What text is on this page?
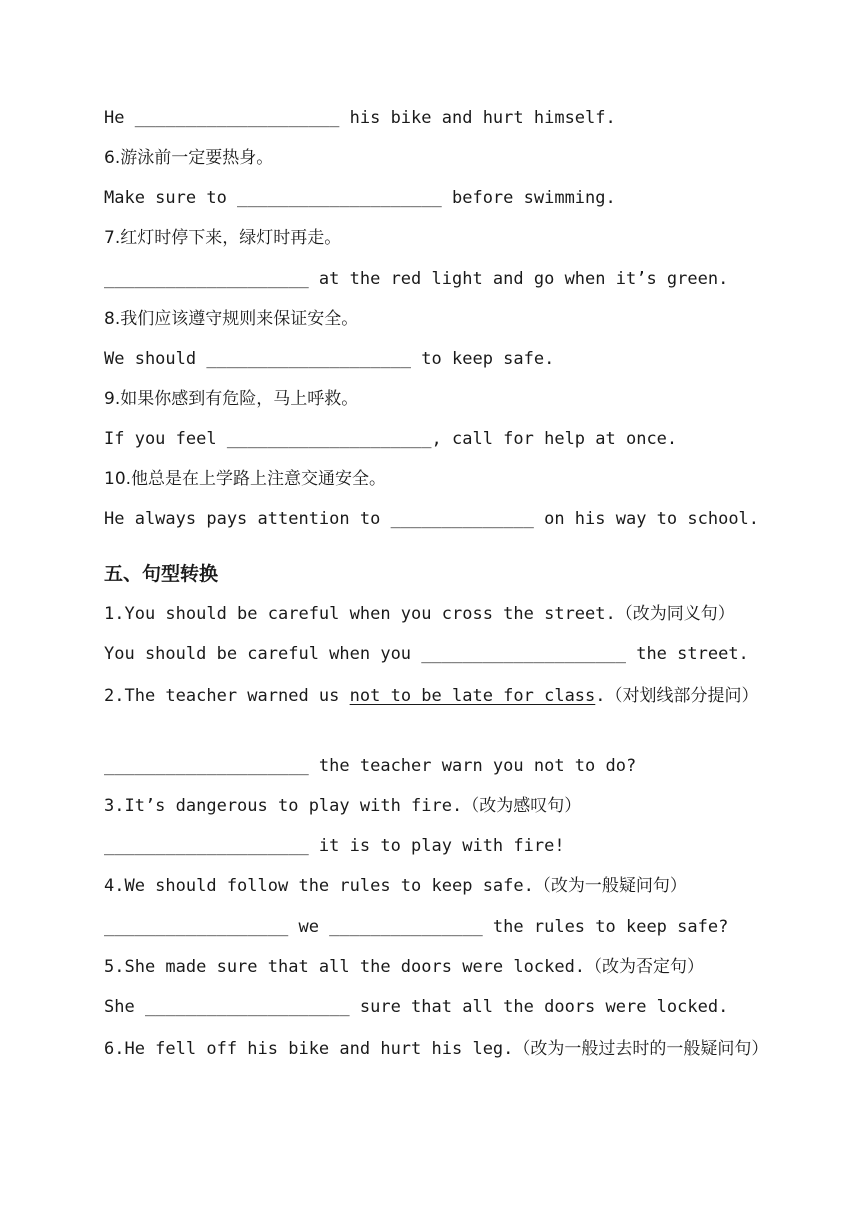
He ____________________ his bike and hurt himself.
6.游泳前一定要热身。
Make sure to ____________________ before swimming.
7.红灯时停下来，绿灯时再走。
____________________ at the red light and go when it’s green.
8.我们应该遵守规则来保证安全。
We should ____________________ to keep safe.
9.如果你感到有危险，马上呼救。
If you feel ____________________, call for help at once.
10.他总是在上学路上注意交通安全。
He always pays attention to ______________ on his way to school.
五、句型转换
1.You should be careful when you cross the street.（改为同义句）
You should be careful when you ____________________ the street.
2.The teacher warned us not to be late for class.（对划线部分提问）
____________________ the teacher warn you not to do?
3.It’s dangerous to play with fire.（改为感叹句）
____________________ it is to play with fire!
4.We should follow the rules to keep safe.（改为一般疑问句）
__________________ we _______________ the rules to keep safe?
5.She made sure that all the doors were locked.（改为否定句）
She ____________________ sure that all the doors were locked.
6.He fell off his bike and hurt his leg.（改为一般过去时的一般疑问句）
